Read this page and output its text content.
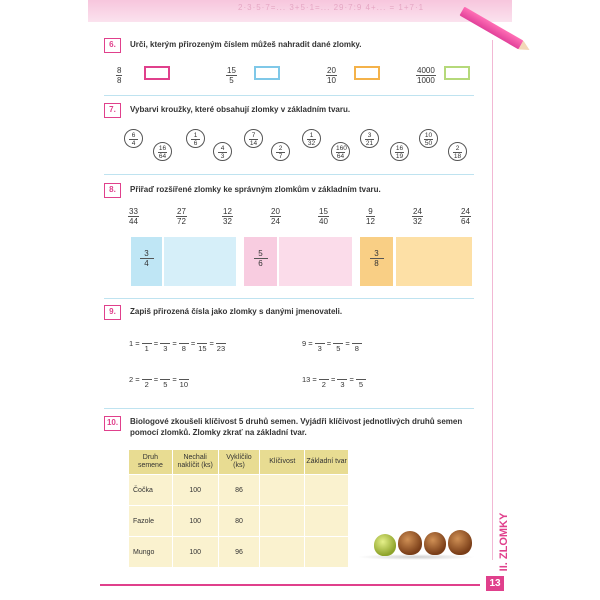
2·3·5·7=... 3+5·1=... 29·7:9 4+... = 1+7·1
II. ZLOMKY
13
6.	Urči, kterým přirozeným číslem můžeš nahradit dané zlomky.
$\frac{8}{8}$	$\frac{15}{5}$	$\frac{20}{10}$	$\frac{4000}{1000}$
7.	Vybarvi kroužky, které obsahují zlomky v základním tvaru.
6
4
16
64
1
6
4
3
7
14
2
7
1
32
160
64
3
21
16
19
10
50
2
18
8.	Přiřaď rozšířené zlomky ke správným zlomkům v základním tvaru.
$\frac{33}{44}$	$\frac{27}{72}$	$\frac{12}{32}$	$\frac{20}{24}$	$\frac{15}{40}$	$\frac{9}{12}$	$\frac{24}{32}$	$\frac{24}{64}$
$\frac{3}{4}$	$\frac{5}{6}$	$\frac{3}{8}$
9.	Zapiš přirozená čísla jako zlomky s danými jmenovateli.
1 =
1
=
3
=
8
=
15
=
23
9 =
3
=
5
=
8
2 =
2
=
5
=
10
13 =
2
=
3
=
5
10.	Biologové zkoušeli klíčivost 5 druhů semen. Vyjádři klíčivost jednotlivých druhů semen
pomocí zlomků. Zlomky zkrať na základní tvar.
Druh semene	Nechali naklíčit (ks)	Vyklíčilo (ks)	Klíčivost	Základní tvar
Čočka	100	86		
Fazole	100	80		
Mungo	100	96		
